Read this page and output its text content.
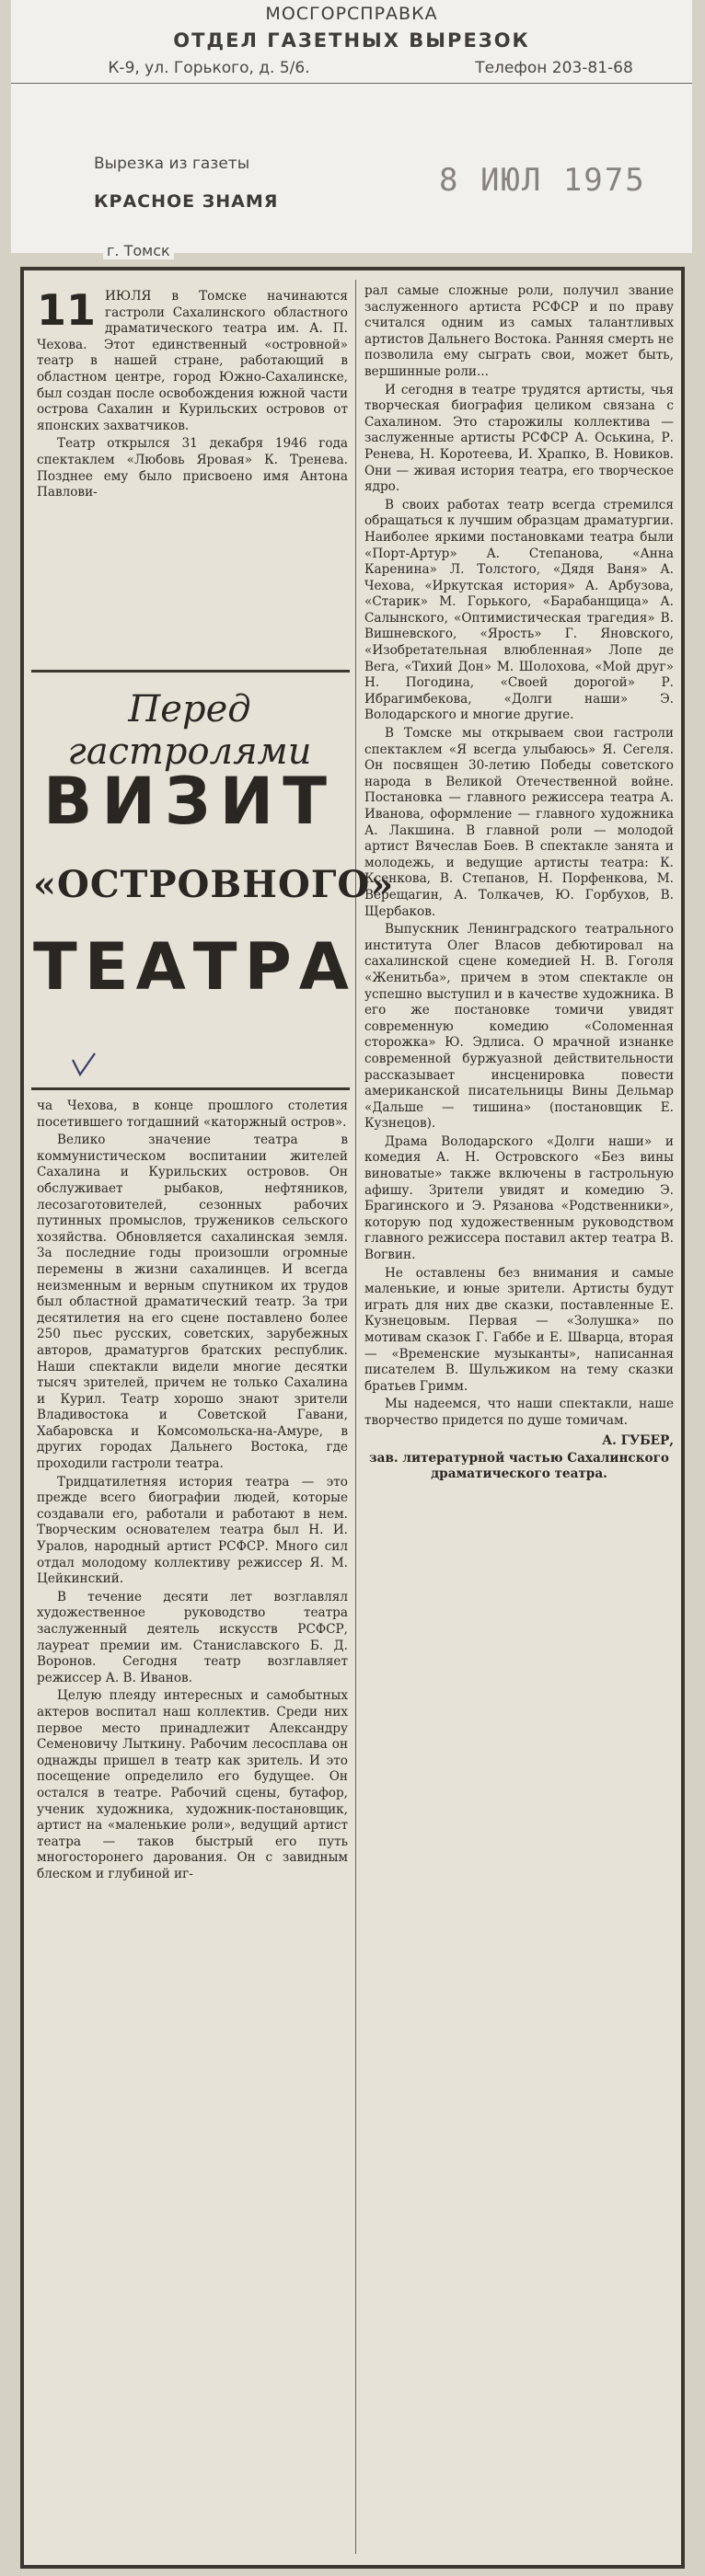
МОСГОРСПРАВКА
ОТДЕЛ ГАЗЕТНЫХ ВЫРЕЗОК
К-9, ул. Горького, д. 5/6.	Телефон 203-81-68
Вырезка из газеты
КРАСНОЕ ЗНАМЯ
8 ИЮЛ 1975
г. Томск

11 ИЮЛЯ в Томске начинаются гастроли Сахалинского областного драматического театра им. А. П. Чехова. Этот единственный «островной» театр в нашей стране, работающий в областном центре, город Южно-Сахалинске, был создан после освобождения южной части острова Сахалин и Курильских островов от японских захватчиков.

Театр открылся 31 декабря 1946 года спектаклем «Любовь Яровая» К. Тренева. Позднее ему было присвоено имя Антона Павлови-

Перед гастролями
ВИЗИТ
«ОСТРОВНОГО»
ТЕАТРА

ча Чехова, в конце прошлого столетия посетившего тогдашний «каторжный остров».

Велико значение театра в коммунистическом воспитании жителей Сахалина и Курильских островов. Он обслуживает рыбаков, нефтяников, лесозаготовителей, сезонных рабочих путинных промыслов, тружеников сельского хозяйства. Обновляется сахалинская земля. За последние годы произошли огромные перемены в жизни сахалинцев. И всегда неизменным и верным спутником их трудов был областной драматический театр. За три десятилетия на его сцене поставлено более 250 пьес русских, советских, зарубежных авторов, драматургов братских республик. Наши спектакли видели многие десятки тысяч зрителей, причем не только Сахалина и Курил. Театр хорошо знают зрители Владивостока и Советской Гавани, Хабаровска и Комсомольска-на-Амуре, в других городах Дальнего Востока, где проходили гастроли театра.

Тридцатилетняя история театра — это прежде всего биографии людей, которые создавали его, работали и работают в нем. Творческим основателем театра был Н. И. Уралов, народный артист РСФСР. Много сил отдал молодому коллективу режиссер Я. М. Цейкинский.

В течение десяти лет возглавлял художественное руководство театра заслуженный деятель искусств РСФСР, лауреат премии им. Станиславского Б. Д. Воронов. Сегодня театр возглавляет режиссер А. В. Иванов.

Целую плеяду интересных и самобытных актеров воспитал наш коллектив. Среди них первое место принадлежит Александру Семеновичу Лыткину. Рабочим лесосплава он однажды пришел в театр как зритель. И это посещение определило его будущее. Он остался в театре. Рабочий сцены, бутафор, ученик художника, художник-постановщик, артист на «маленькие роли», ведущий артист театра — таков быстрый его путь многосторонего дарования. Он с завидным блеском и глубиной иг-

рал самые сложные роли, получил звание заслуженного артиста РСФСР и по праву считался одним из самых талантливых артистов Дальнего Востока. Ранняя смерть не позволила ему сыграть свои, может быть, вершинные роли...

И сегодня в театре трудятся артисты, чья творческая биография целиком связана с Сахалином. Это старожилы коллектива — заслуженные артисты РСФСР А. Оськина, Р. Ренева, Н. Коротеева, И. Храпко, В. Новиков. Они — живая история театра, его творческое ядро.

В своих работах театр всегда стремился обращаться к лучшим образцам драматургии. Наиболее яркими постановками театра были «Порт-Артур» А. Степанова, «Анна Каренина» Л. Толстого, «Дядя Ваня» А. Чехова, «Иркутская история» А. Арбузова, «Старик» М. Горького, «Барабанщица» А. Салынского, «Оптимистическая трагедия» В. Вишневского, «Ярость» Г. Яновского, «Изобретательная влюбленная» Лопе де Вега, «Тихий Дон» М. Шолохова, «Мой друг» Н. Погодина, «Своей дорогой» Р. Ибрагимбекова, «Долги наши» Э. Володарского и многие другие.

В Томске мы открываем свои гастроли спектаклем «Я всегда улыбаюсь» Я. Сегеля. Он посвящен 30-летию Победы советского народа в Великой Отечественной войне. Постановка — главного режиссера театра А. Иванова, оформление — главного художника А. Лакшина. В главной роли — молодой артист Вячеслав Боев. В спектакле занята и молодежь, и ведущие артисты театра: К. Ксенкова, В. Степанов, Н. Порфенкова, М. Верещагин, А. Толкачев, Ю. Горбухов, В. Щербаков.

Выпускник Ленинградского театрального института Олег Власов дебютировал на сахалинской сцене комедией Н. В. Гоголя «Женитьба», причем в этом спектакле он успешно выступил и в качестве художника. В его же постановке томичи увидят современную комедию «Соломенная сторожка» Ю. Эдлиса. О мрачной изнанке современной буржуазной действительности рассказывает инсценировка повести американской писательницы Вины Дельмар «Дальше — тишина» (постановщик Е. Кузнецов).

Драма Володарского «Долги наши» и комедия А. Н. Островского «Без вины виноватые» также включены в гастрольную афишу. Зрители увидят и комедию Э. Брагинского и Э. Рязанова «Родственники», которую под художественным руководством главного режиссера поставил актер театра В. Вогвин.

Не оставлены без внимания и самые маленькие, и юные зрители. Артисты будут играть для них две сказки, поставленные Е. Кузнецовым. Первая — «Золушка» по мотивам сказок Г. Габбе и Е. Шварца, вторая — «Временские музыканты», написанная писателем В. Шульжиком на тему сказки братьев Гримм.

Мы надеемся, что наши спектакли, наше творчество придется по душе томичам.

А. ГУБЕР,

зав. литературной частью Сахалинского драматического театра.
